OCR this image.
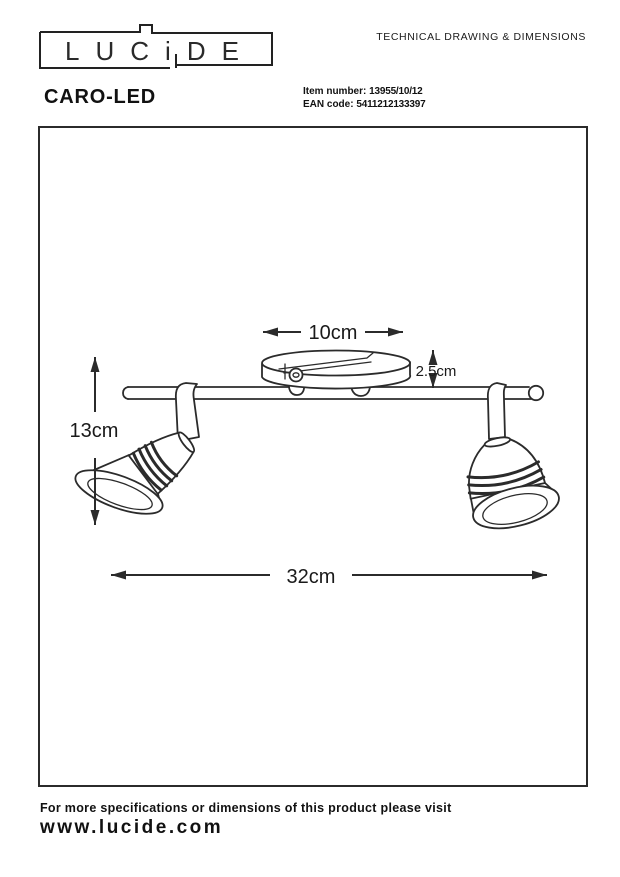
LUCiDE	TECHNICAL DRAWING & DIMENSIONS
CARO-LED	Item number: 13955/10/12
EAN code: 5411212133397
10cm
2.5cm
13cm
32cm
For more specifications or dimensions of this product please visit
www.lucide.com
